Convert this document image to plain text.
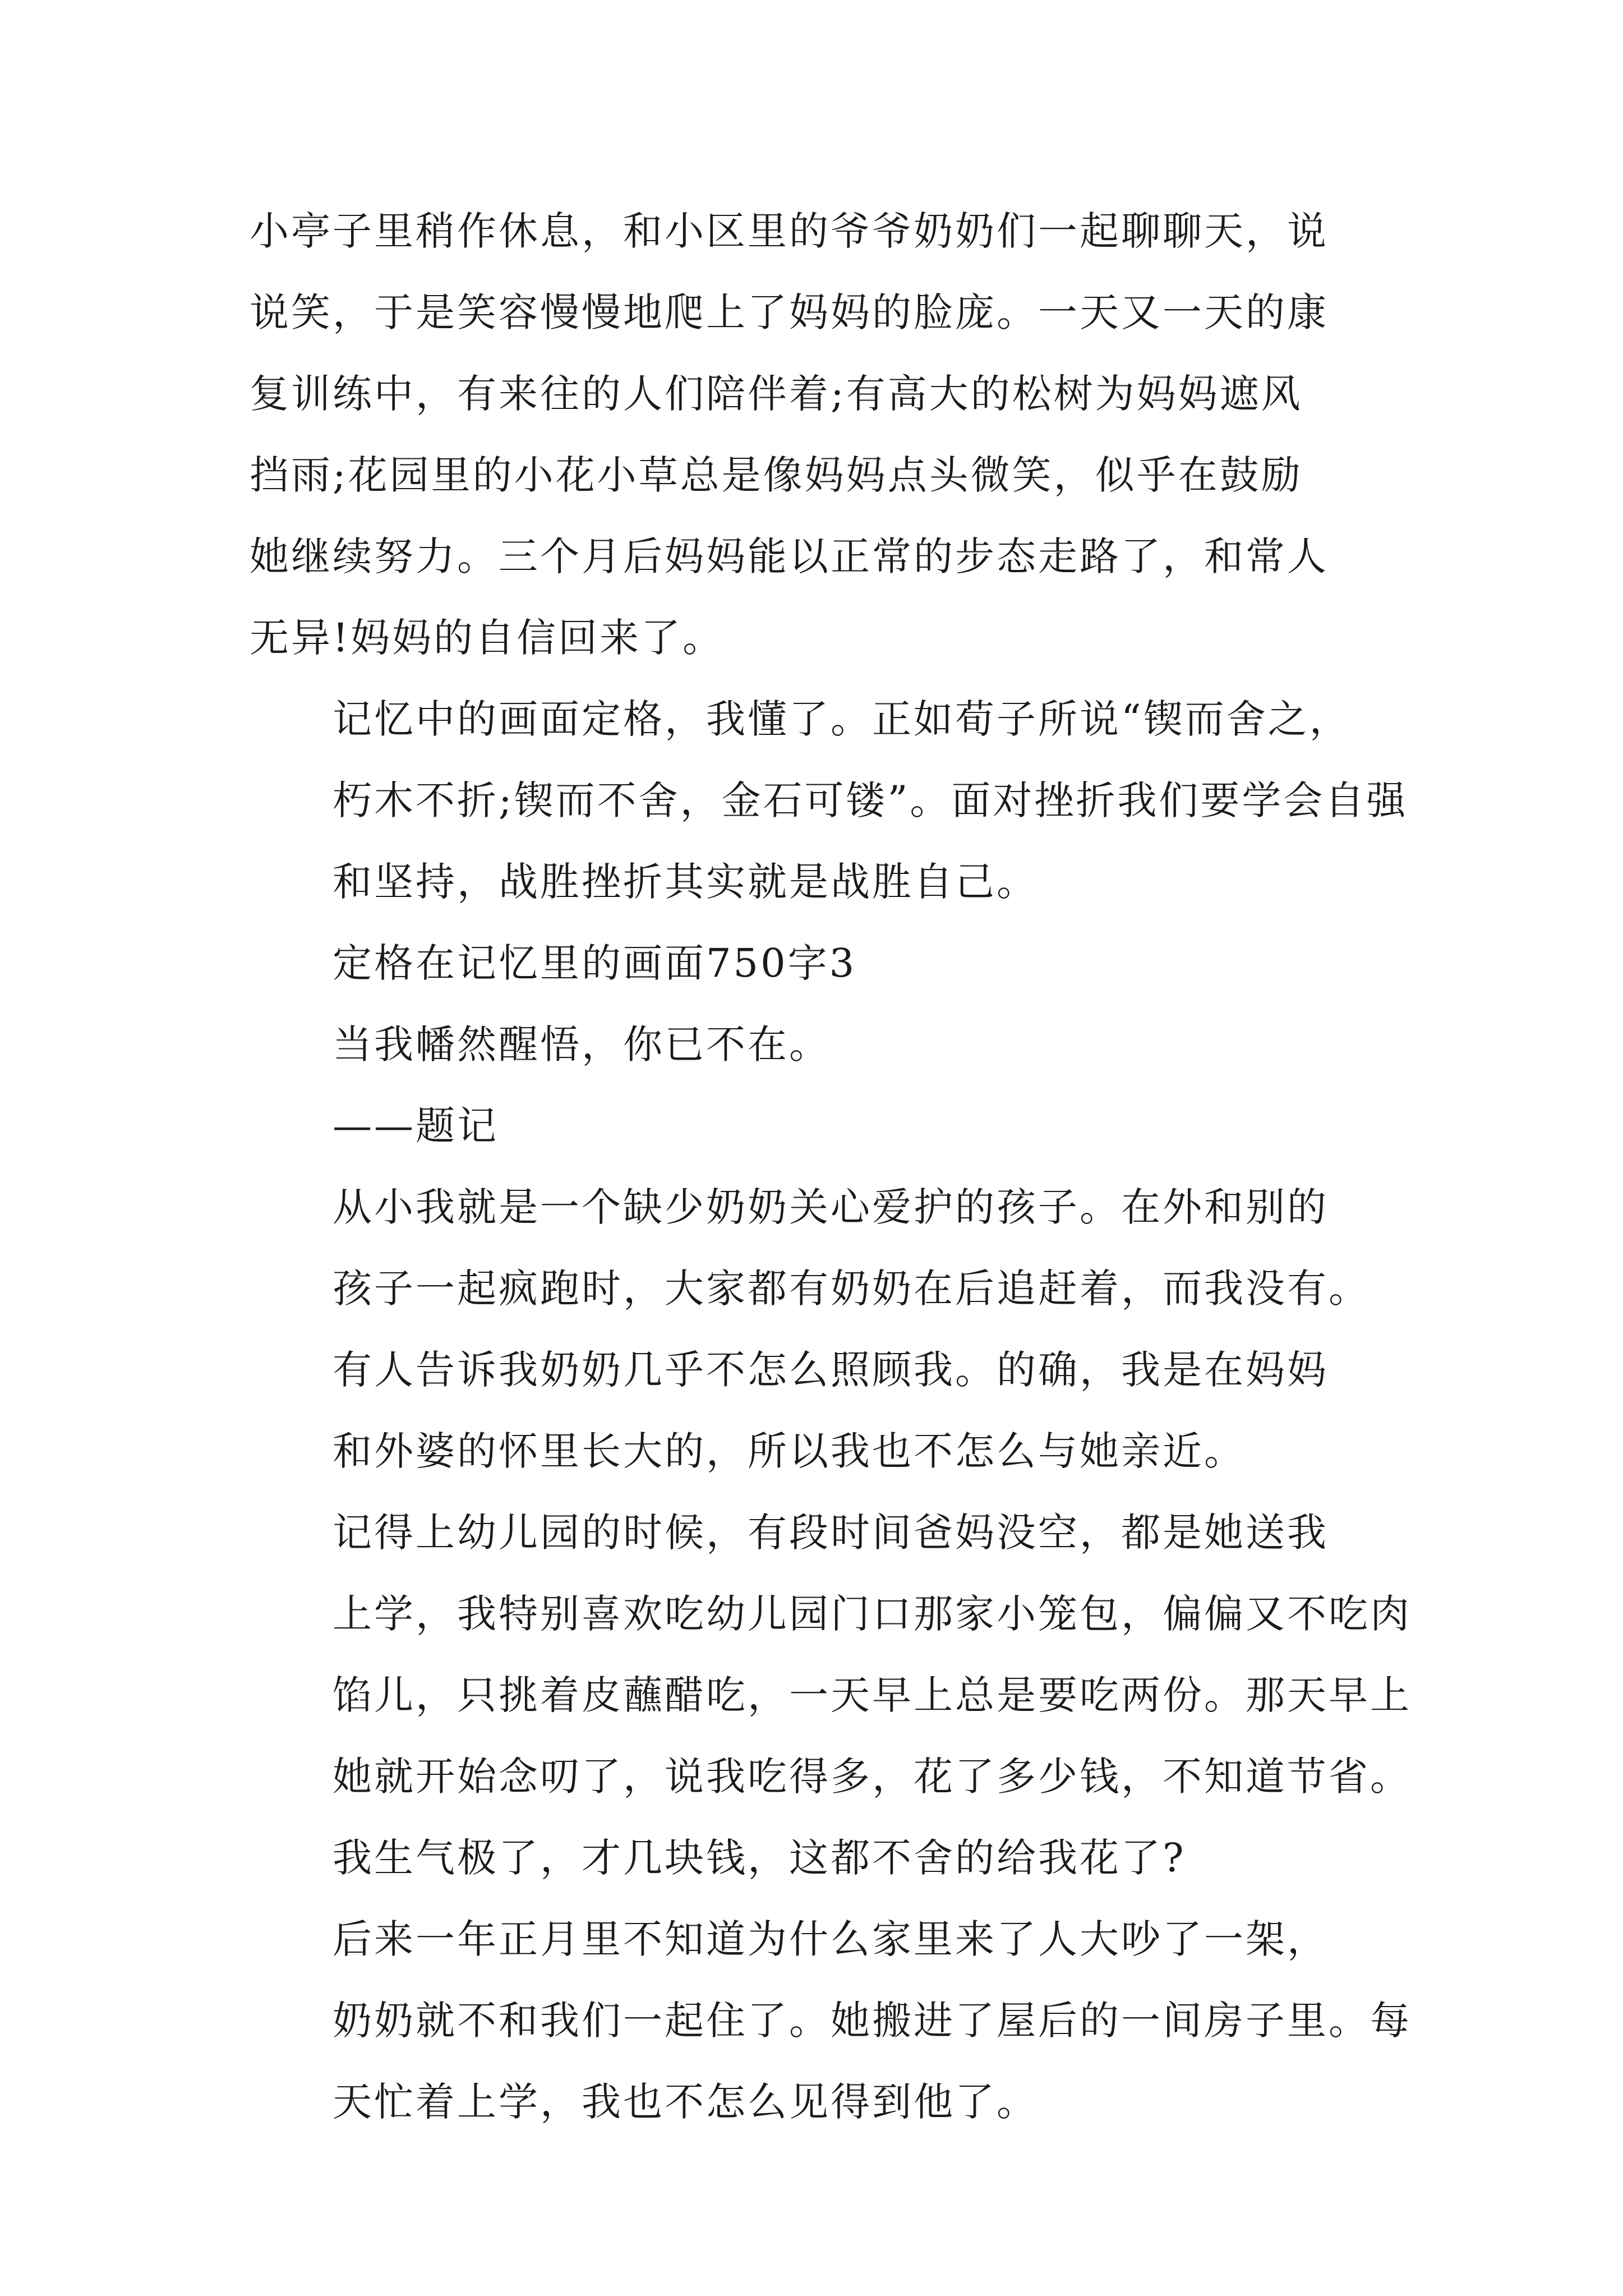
小亭子里稍作休息，和小区里的爷爷奶奶们一起聊聊天，说
说笑，于是笑容慢慢地爬上了妈妈的脸庞。一天又一天的康
复训练中，有来往的人们陪伴着;有高大的松树为妈妈遮风
挡雨;花园里的小花小草总是像妈妈点头微笑，似乎在鼓励
她继续努力。三个月后妈妈能以正常的步态走路了，和常人
无异!妈妈的自信回来了。

记忆中的画面定格，我懂了。正如荀子所说“锲而舍之，
朽木不折;锲而不舍，金石可镂”。面对挫折我们要学会自强
和坚持，战胜挫折其实就是战胜自己。

定格在记忆里的画面750字3

当我幡然醒悟，你已不在。

——题记

从小我就是一个缺少奶奶关心爱护的孩子。在外和别的
孩子一起疯跑时，大家都有奶奶在后追赶着，而我没有。

有人告诉我奶奶几乎不怎么照顾我。的确，我是在妈妈
和外婆的怀里长大的，所以我也不怎么与她亲近。

记得上幼儿园的时候，有段时间爸妈没空，都是她送我
上学，我特别喜欢吃幼儿园门口那家小笼包，偏偏又不吃肉
馅儿，只挑着皮蘸醋吃，一天早上总是要吃两份。那天早上
她就开始念叨了，说我吃得多，花了多少钱，不知道节省。
我生气极了，才几块钱，这都不舍的给我花了?

后来一年正月里不知道为什么家里来了人大吵了一架，
奶奶就不和我们一起住了。她搬进了屋后的一间房子里。每
天忙着上学，我也不怎么见得到他了。
